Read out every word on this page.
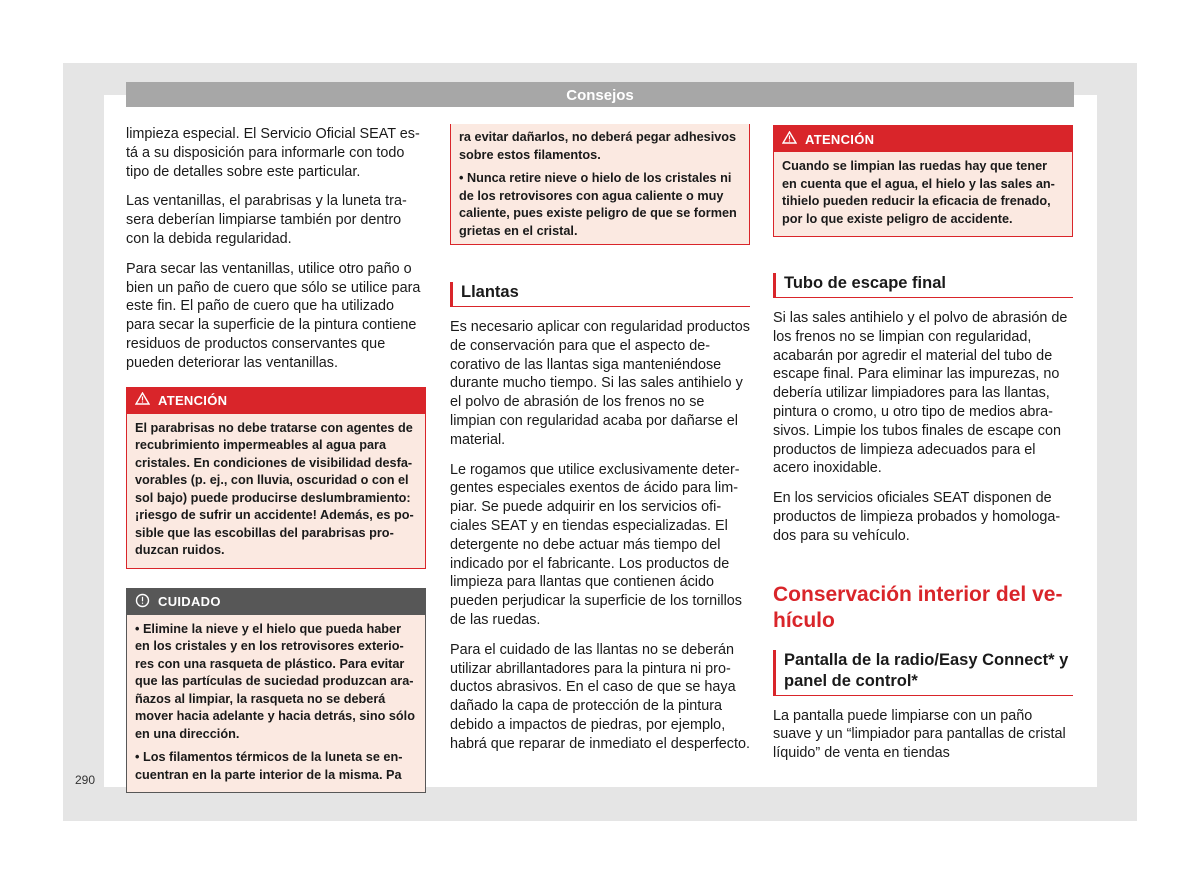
Consejos

limpieza especial. El Servicio Oficial SEAT está a su disposición para informarle con todo tipo de detalles sobre este particular.

Las ventanillas, el parabrisas y la luneta trasera deberían limpiarse también por dentro con la debida regularidad.

Para secar las ventanillas, utilice otro paño o bien un paño de cuero que sólo se utilice para este fin. El paño de cuero que ha utilizado para secar la superficie de la pintura contiene residuos de productos conservantes que pueden deteriorar las ventanillas.

ATENCIÓN
El parabrisas no debe tratarse con agentes de recubrimiento impermeables al agua para cristales. En condiciones de visibilidad desfavorables (p. ej., con lluvia, oscuridad o con el sol bajo) puede producirse deslumbramiento: ¡riesgo de sufrir un accidente! Además, es posible que las escobillas del parabrisas produzcan ruidos.
CUIDADO

• Elimine la nieve y el hielo que pueda haber en los cristales y en los retrovisores exteriores con una rasqueta de plástico. Para evitar que las partículas de suciedad produzcan arañazos al limpiar, la rasqueta no se deberá mover hacia adelante y hacia detrás, sino sólo en una dirección.

• Los filamentos térmicos de la luneta se encuentran en la parte interior de la misma. Pa

ra evitar dañarlos, no deberá pegar adhesivos sobre estos filamentos.

• Nunca retire nieve o hielo de los cristales ni de los retrovisores con agua caliente o muy caliente, pues existe peligro de que se formen grietas en el cristal.

Llantas

Es necesario aplicar con regularidad productos de conservación para que el aspecto decorativo de las llantas siga manteniéndose durante mucho tiempo. Si las sales antihielo y el polvo de abrasión de los frenos no se limpian con regularidad acaba por dañarse el material.

Le rogamos que utilice exclusivamente detergentes especiales exentos de ácido para limpiar. Se puede adquirir en los servicios oficiales SEAT y en tiendas especializadas. El detergente no debe actuar más tiempo del indicado por el fabricante. Los productos de limpieza para llantas que contienen ácido pueden perjudicar la superficie de los tornillos de las ruedas.

Para el cuidado de las llantas no se deberán utilizar abrillantadores para la pintura ni productos abrasivos. En el caso de que se haya dañado la capa de protección de la pintura debido a impactos de piedras, por ejemplo, habrá que reparar de inmediato el desperfecto.

ATENCIÓN
Cuando se limpian las ruedas hay que tener en cuenta que el agua, el hielo y las sales antihielo pueden reducir la eficacia de frenado, por lo que existe peligro de accidente.
Tubo de escape final

Si las sales antihielo y el polvo de abrasión de los frenos no se limpian con regularidad, acabarán por agredir el material del tubo de escape final. Para eliminar las impurezas, no debería utilizar limpiadores para las llantas, pintura o cromo, u otro tipo de medios abrasivos. Limpie los tubos finales de escape con productos de limpieza adecuados para el acero inoxidable.

En los servicios oficiales SEAT disponen de productos de limpieza probados y homologados para su vehículo.

Conservación interior del vehículo
Pantalla de la radio/Easy Connect* y panel de control*

La pantalla puede limpiarse con un paño suave y un “limpiador para pantallas de cristal líquido” de venta en tiendas

290
